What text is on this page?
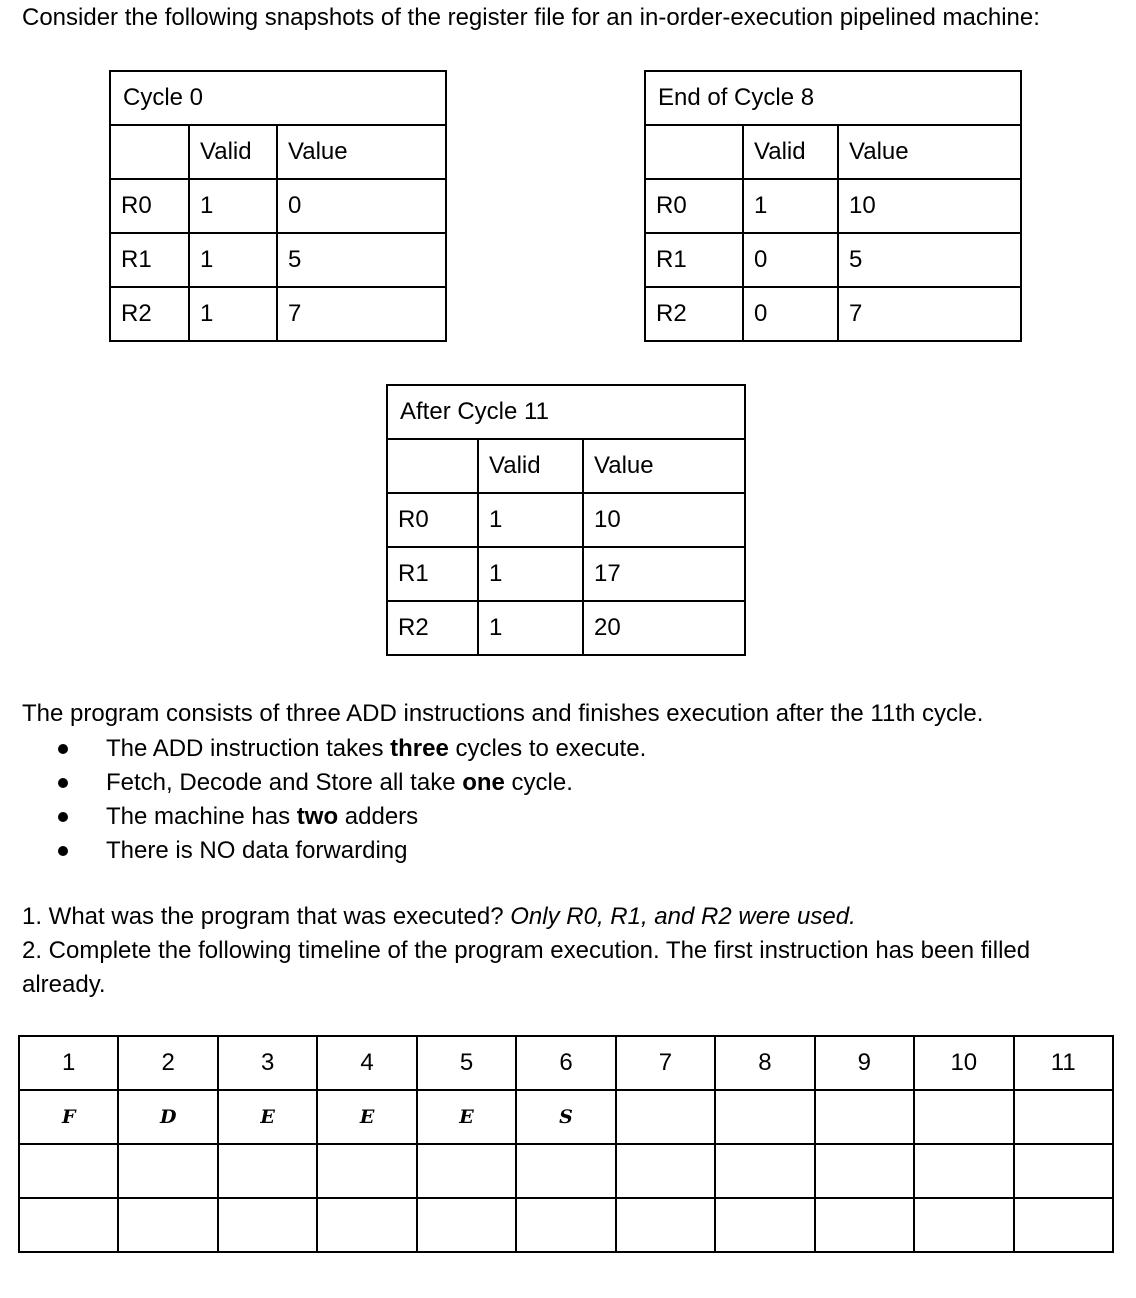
Consider the following snapshots of the register file for an in-order-execution pipelined machine:
Cycle 0		
	Valid	Value
R0	1	0
R1	1	5
R2	1	7
End of Cycle 8		
	Valid	Value
R0	1	10
R1	0	5
R2	0	7
After Cycle 11		
	Valid	Value
R0	1	10
R1	1	17
R2	1	20
The program consists of three ADD instructions and finishes execution after the 11th cycle.
The ADD instruction takes three cycles to execute.
Fetch, Decode and Store all take one cycle.
The machine has two adders
There is NO data forwarding
1. What was the program that was executed? Only R0, R1, and R2 were used.
2. Complete the following timeline of the program execution. The first instruction has been filled already.
1	2	3	4	5	6	7	8	9	10	11
F	D	E	E	E	S					
